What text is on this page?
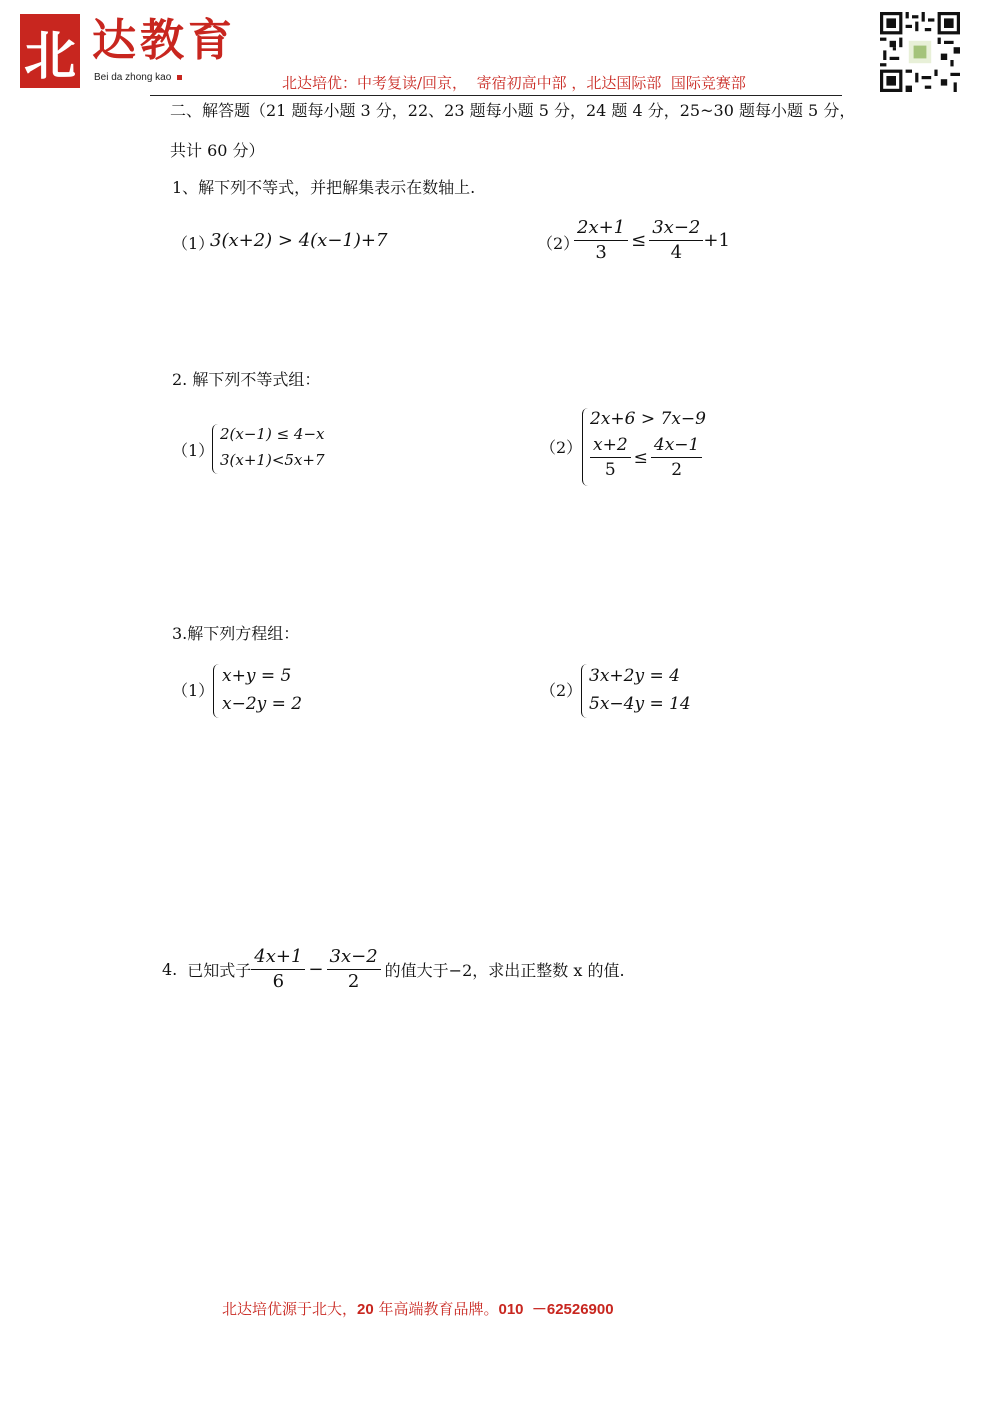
北 达教育
Bei da zhong kao	北达培优：中考复读/回京，  寄宿初高中部 ，北达国际部  国际竞赛部
二、解答题（21 题每小题 3 分，22、23 题每小题 5 分，24 题 4 分，25~30 题每小题 5 分，
共计 60 分）
1、解下列不等式，并把解集表示在数轴上.
（1）
3(x+2) > 4(x−1)+7	（2）
$\frac{2x+1}{3} \le \frac{3x-2}{4} +1$
2. 解下列不等式组：
（1）
2(x−1) ≤ 4−x
3(x+1)<5x+7
（2）
2x+6 > 7x−9
$\frac{x+2}{5} \le \frac{4x-1}{2}$
3.解下列方程组：
（1）
x+y = 5
x−2y = 2
（2）
3x+2y = 4
5x−4y = 14
4. 已知式子 $\frac{4x+1}{6} - \frac{3x-2}{2}$ 的值大于−2，求出正整数 x 的值.
北达培优源于北大，20 年高端教育品牌。010  －62526900
